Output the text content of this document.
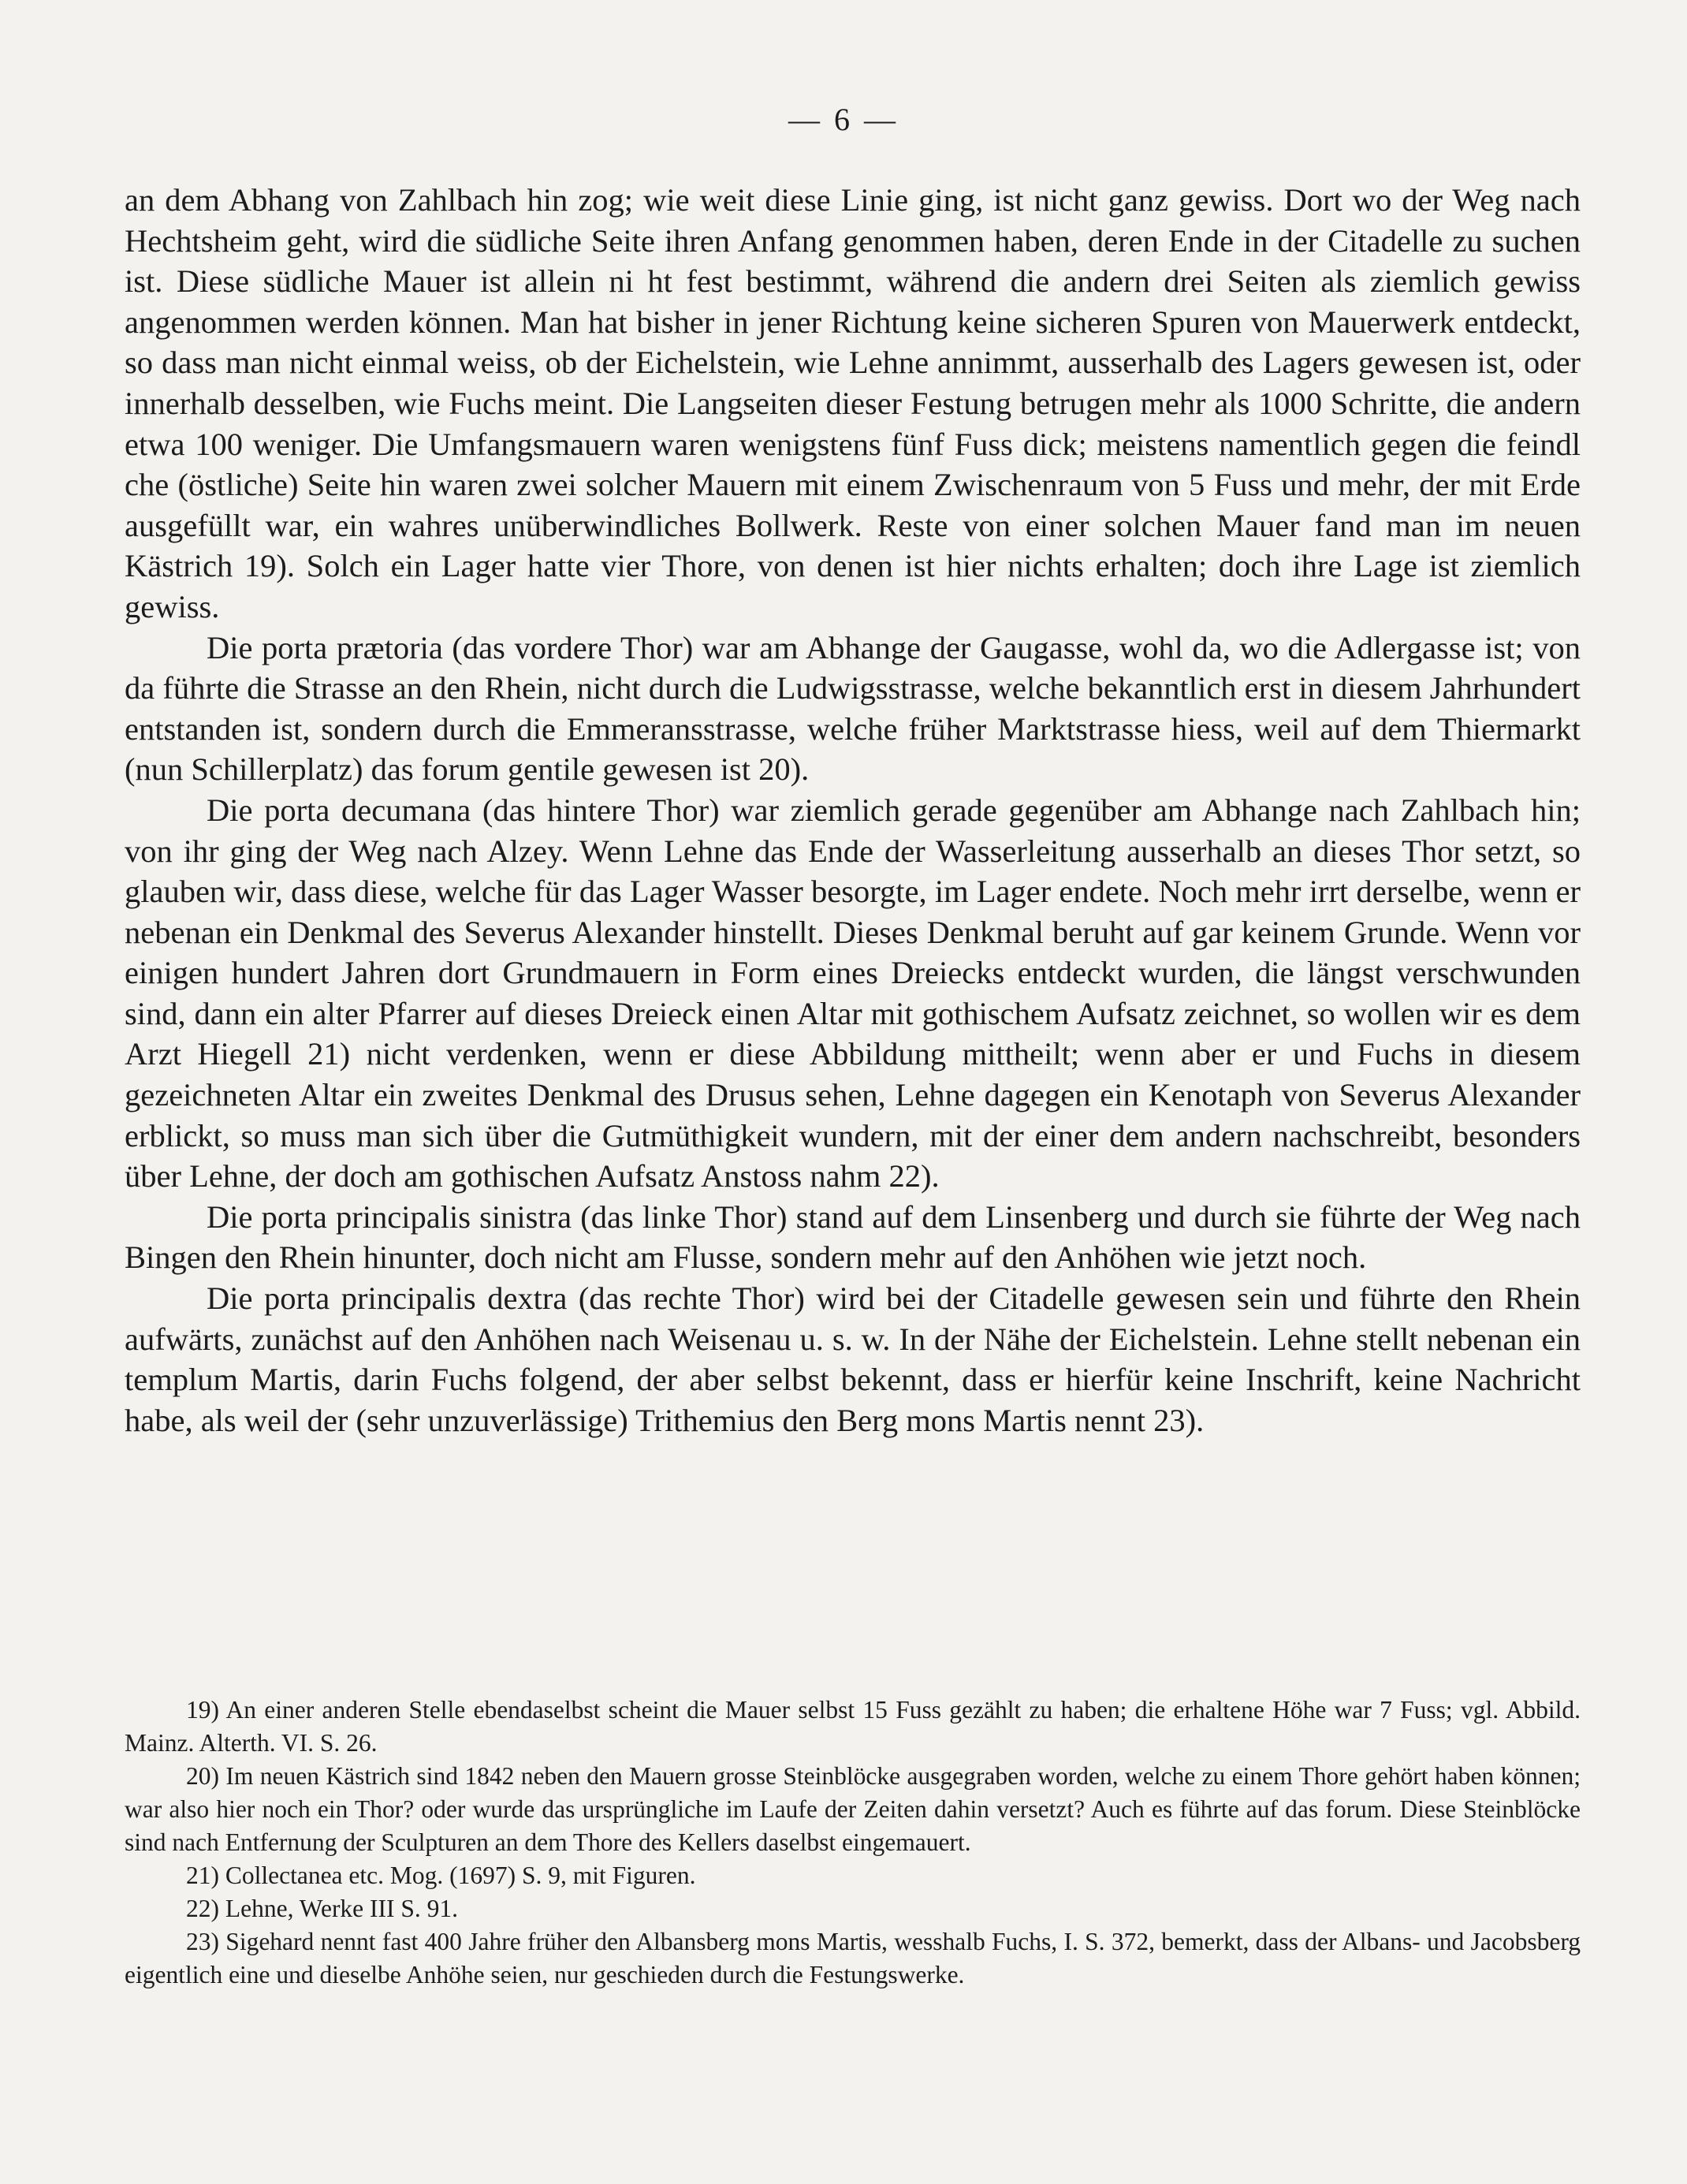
— 6 —

an dem Abhang von Zahlbach hin zog; wie weit diese Linie ging, ist nicht ganz gewiss. Dort wo der Weg nach Hechtsheim geht, wird die südliche Seite ihren Anfang genommen haben, deren Ende in der Citadelle zu suchen ist. Diese südliche Mauer ist allein ni ht fest bestimmt, während die andern drei Seiten als ziemlich gewiss angenommen werden können. Man hat bisher in jener Richtung keine sicheren Spuren von Mauerwerk entdeckt, so dass man nicht einmal weiss, ob der Eichelstein, wie Lehne annimmt, ausserhalb des Lagers gewesen ist, oder innerhalb desselben, wie Fuchs meint. Die Langseiten dieser Festung betrugen mehr als 1000 Schritte, die andern etwa 100 weniger. Die Umfangsmauern waren wenigstens fünf Fuss dick; meistens namentlich gegen die feindl che (östliche) Seite hin waren zwei solcher Mauern mit einem Zwischenraum von 5 Fuss und mehr, der mit Erde ausgefüllt war, ein wahres unüberwindliches Bollwerk. Reste von einer solchen Mauer fand man im neuen Kästrich 19). Solch ein Lager hatte vier Thore, von denen ist hier nichts erhalten; doch ihre Lage ist ziemlich gewiss.

Die porta prætoria (das vordere Thor) war am Abhange der Gaugasse, wohl da, wo die Adlergasse ist; von da führte die Strasse an den Rhein, nicht durch die Ludwigsstrasse, welche bekanntlich erst in diesem Jahrhundert entstanden ist, sondern durch die Emmeransstrasse, welche früher Marktstrasse hiess, weil auf dem Thiermarkt (nun Schillerplatz) das forum gentile gewesen ist 20).

Die porta decumana (das hintere Thor) war ziemlich gerade gegenüber am Abhange nach Zahlbach hin; von ihr ging der Weg nach Alzey. Wenn Lehne das Ende der Wasserleitung ausserhalb an dieses Thor setzt, so glauben wir, dass diese, welche für das Lager Wasser besorgte, im Lager endete. Noch mehr irrt derselbe, wenn er nebenan ein Denkmal des Severus Alexander hinstellt. Dieses Denkmal beruht auf gar keinem Grunde. Wenn vor einigen hundert Jahren dort Grundmauern in Form eines Dreiecks entdeckt wurden, die längst verschwunden sind, dann ein alter Pfarrer auf dieses Dreieck einen Altar mit gothischem Aufsatz zeichnet, so wollen wir es dem Arzt Hiegell 21) nicht verdenken, wenn er diese Abbildung mittheilt; wenn aber er und Fuchs in diesem gezeichneten Altar ein zweites Denkmal des Drusus sehen, Lehne dagegen ein Kenotaph von Severus Alexander erblickt, so muss man sich über die Gutmüthigkeit wundern, mit der einer dem andern nachschreibt, besonders über Lehne, der doch am gothischen Aufsatz Anstoss nahm 22).

Die porta principalis sinistra (das linke Thor) stand auf dem Linsenberg und durch sie führte der Weg nach Bingen den Rhein hinunter, doch nicht am Flusse, sondern mehr auf den Anhöhen wie jetzt noch.

Die porta principalis dextra (das rechte Thor) wird bei der Citadelle gewesen sein und führte den Rhein aufwärts, zunächst auf den Anhöhen nach Weisenau u. s. w. In der Nähe der Eichelstein. Lehne stellt nebenan ein templum Martis, darin Fuchs folgend, der aber selbst bekennt, dass er hierfür keine Inschrift, keine Nachricht habe, als weil der (sehr unzuverlässige) Trithemius den Berg mons Martis nennt 23).

19) An einer anderen Stelle ebendaselbst scheint die Mauer selbst 15 Fuss gezählt zu haben; die erhaltene Höhe war 7 Fuss; vgl. Abbild. Mainz. Alterth. VI. S. 26.

20) Im neuen Kästrich sind 1842 neben den Mauern grosse Steinblöcke ausgegraben worden, welche zu einem Thore gehört haben können; war also hier noch ein Thor? oder wurde das ursprüngliche im Laufe der Zeiten dahin versetzt? Auch es führte auf das forum. Diese Steinblöcke sind nach Entfernung der Sculpturen an dem Thore des Kellers daselbst eingemauert.

21) Collectanea etc. Mog. (1697) S. 9, mit Figuren.

22) Lehne, Werke III S. 91.

23) Sigehard nennt fast 400 Jahre früher den Albansberg mons Martis, wesshalb Fuchs, I. S. 372, bemerkt, dass der Albans- und Jacobsberg eigentlich eine und dieselbe Anhöhe seien, nur geschieden durch die Festungswerke.
